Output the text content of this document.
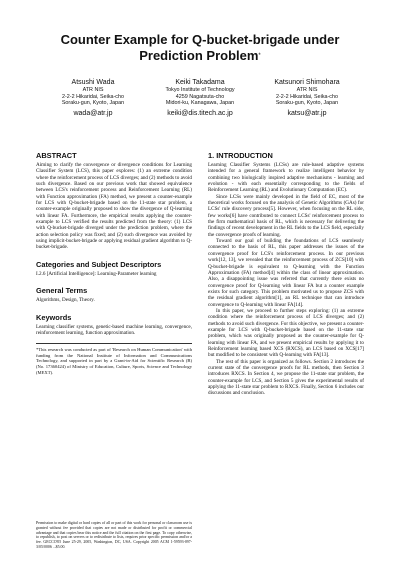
Counter Example for Q-bucket-brigade under Prediction Problem*
Atsushi Wada
ATR NIS
2-2-2 Hikaridai, Seika-cho
Soraku-gun, Kyoto, Japan
wada@atr.jp
Keiki Takadama
Tokyo Institute of Technology
4259 Nagatsuta-cho
Midori-ku, Kanagawa, Japan
keiki@dis.titech.ac.jp
Katsunori Shimohara
ATR NIS
2-2-2 Hikaridai, Seika-cho
Soraku-gun, Kyoto, Japan
katsu@atr.jp
ABSTRACT

Aiming to clarify the convergence or divergence conditions for Learning Classifier System (LCS), this paper explores: (1) an extreme condition where the reinforcement process of LCS diverges; and (2) methods to avoid such divergence. Based on our previous work that showed equivalence between LCS's reinforcement process and Reinforcement Learning (RL) with Function approximation (FA) method, we present a counter-example for LCS with Q-bucket-brigade based on the 11-state star problem, a counter-example originally proposed to show the divergence of Q-learning with linear FA. Furthermore, the empirical results applying the counter-example to LCS verified the results predicted from the theory: (1) LCS with Q-bucket-brigade diverged under the prediction problem, where the action selection policy was fixed; and (2) such divergence was avoided by using implicit-bucket-brigade or applying residual gradient algorithm to Q-bucket-brigade.

Categories and Subject Descriptors

I.2.6 [Artificial Intelligence]: Learning-Parameter learning

General Terms

Algorithms, Design, Theory.

Keywords

Learning classifier systems, genetic-based machine learning, convergence, reinforcement learning, function approximation.

*This research was conducted as part of 'Research on Human Communication' with funding from the National Institute of Information and Communications Technology, and supported in part by a Grant-in-Aid for Scientific Research (B) (No. 17360424) of Ministry of Education, Culture, Sports, Science and Technology (MEXT).
Permission to make digital or hard copies of all or part of this work for personal or classroom use is granted without fee provided that copies are not made or distributed for profit or commercial advantage and that copies bear this notice and the full citation on the first page. To copy otherwise, to republish, to post on servers or to redistribute to lists, requires prior specific permission and/or a fee. GECCO'05 June 25-29, 2005, Washington, DC, USA. Copyright 2005 ACM 1-59593-097-3/05/0006 ...$5.00.
1. INTRODUCTION

Learning Classifier Systems (LCSs) are rule-based adaptive systems intended for a general framework to realize intelligent behavior by combining two biologically inspired adaptive mechanisms - learning and evolution - with each essentially corresponding to the fields of Reinforcement Learning (RL) and Evolutionary Computation (EC).

Since LCSs were mainly developed in the field of EC, most of the theoretical works focused on the analysis of Genetic Algorithms (GAs) for LCSs' rule discovery process[5]. However, when focusing on the RL side, few works[6] have contributed to connect LCSs' reinforcement process to the firm mathematical basis of RL, which is necessary for delivering the findings of recent development in the RL fields to the LCS field, especially the convergence proofs of learning.

Toward our goal of building the foundations of LCS seamlessly connected to the basis of RL, this paper addresses the issues of the convergence proof for LCS's reinforcement process. In our previous work[12, 13], we revealed that the reinforcement process of ZCS[10] with Q-bucket-brigade is equivalent to Q-learning with the Function Approximation (FA) method[4] within the class of linear approximation. Also, a disappointing issue was referred that currently there exists no convergence proof for Q-learning with linear FA but a counter example exists for such category. This problem motivated us to propose ZCS with the residual gradient algorithm[1], an RL technique that can introduce convergence to Q-learning with linear FA[14].

In this paper, we proceed to further steps exploring: (1) an extreme condition where the reinforcement process of LCS diverges; and (2) methods to avoid such divergence. For this objective, we present a counter-example for LCS with Q-bucket-brigade based on the 11-state star problem, which was originally proposed as the counter-example for Q-learning with linear FA, and we present empirical results by applying it to Reinforcement learning based XCS (RXCS), an LCS based on XCS[17] but modified to be consistent with Q-learning with FA[13].

The rest of this paper is organized as follows. Section 2 introduces the current state of the convergence proofs for RL methods, then Section 3 introduces RXCS. In Section 4, we propose the 11-state star problem, the counter-example for LCS, and Section 5 gives the experimental results of applying the 11-state star problem to RXCS. Finally, Section 6 includes our discussions and conclusion.
